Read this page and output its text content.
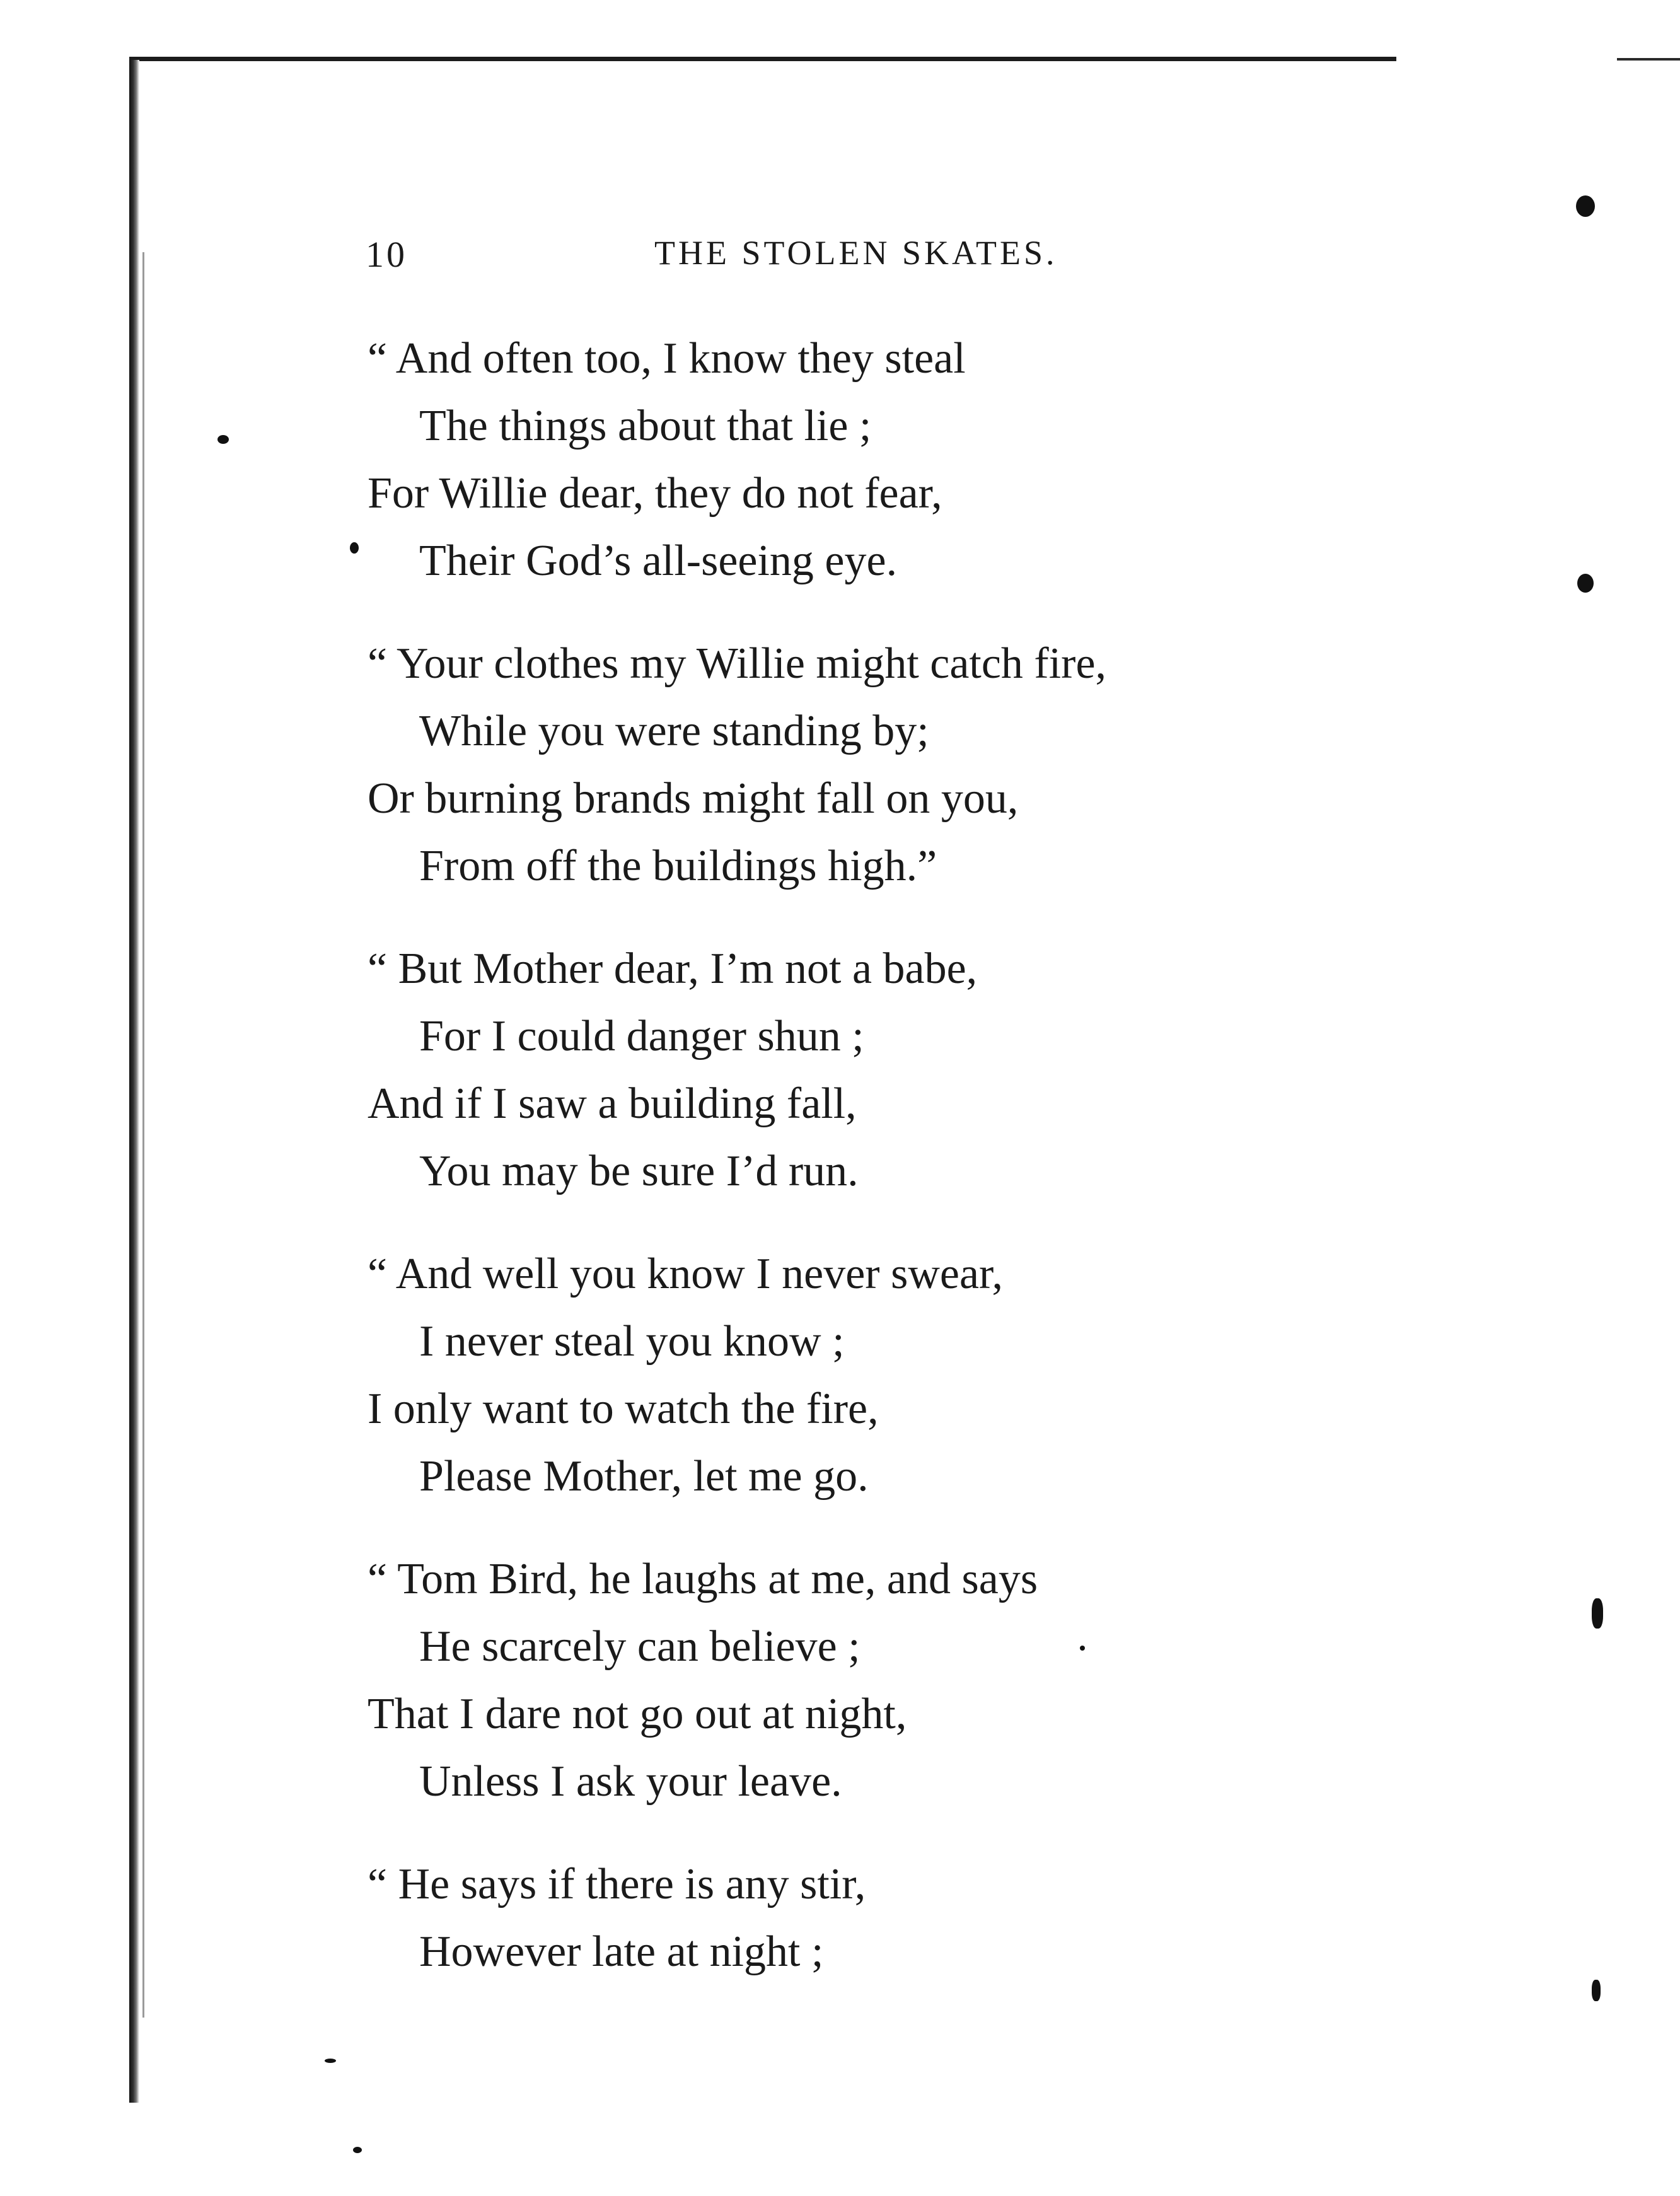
10	THE STOLEN SKATES.
“ And often too, I know they steal
The things about that lie ;
For Willie dear, they do not fear,
Their God’s all-seeing eye.
“ Your clothes my Willie might catch fire,
While you were standing by;
Or burning brands might fall on you,
From off the buildings high.”
“ But Mother dear, I’m not a babe,
For I could danger shun ;
And if I saw a building fall,
You may be sure I’d run.
“ And well you know I never swear,
I never steal you know ;
I only want to watch the fire,
Please Mother, let me go.
“ Tom Bird, he laughs at me, and says
He scarcely can believe ;
That I dare not go out at night,
Unless I ask your leave.
“ He says if there is any stir,
However late at night ;
